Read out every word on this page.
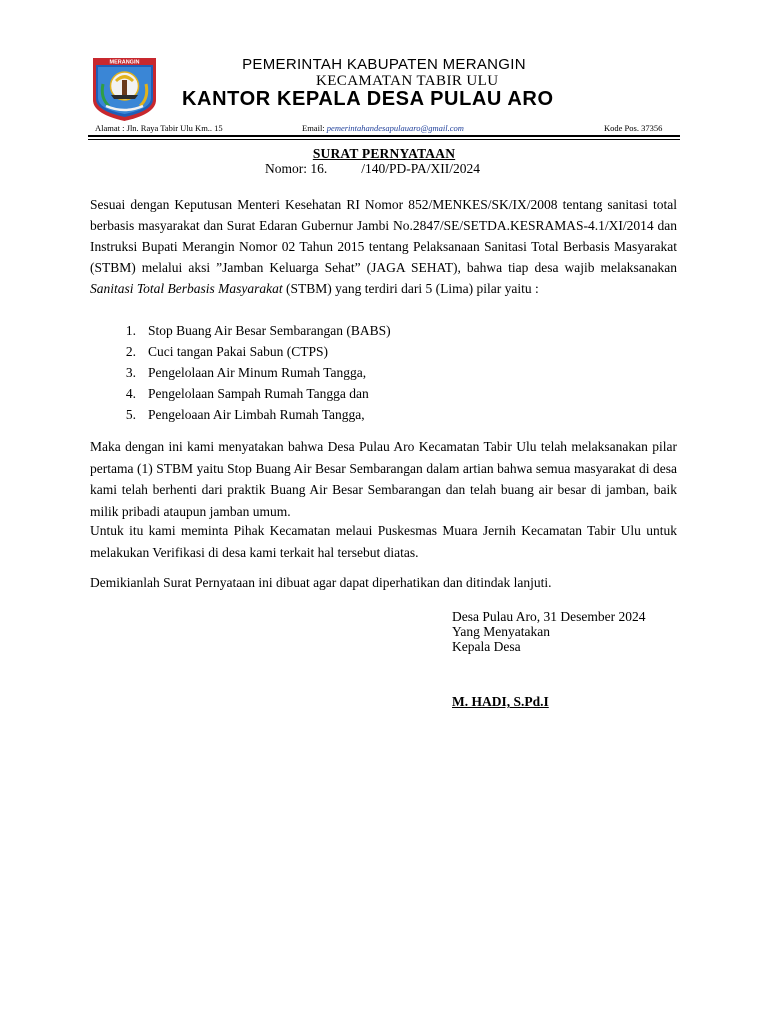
MERANGIN	PEMERINTAH KABUPATEN MERANGIN
KECAMATAN TABIR ULU
KANTOR KEPALA DESA PULAU ARO
Alamat : Jln. Raya Tabir Ulu Km.. 15	Email: pemerintahandesapulauaro@gmail.com	Kode Pos. 37356
SURAT PERNYATAAN
Nomor: 16.	/140/PD-PA/XII/2024

Sesuai dengan Keputusan Menteri Kesehatan RI Nomor 852/MENKES/SK/IX/2008 tentang sanitasi total berbasis masyarakat dan Surat Edaran Gubernur Jambi No.2847/SE/SETDA.KESRAMAS-4.1/XI/2014 dan Instruksi Bupati Merangin Nomor 02 Tahun 2015 tentang Pelaksanaan Sanitasi Total Berbasis Masyarakat (STBM) melalui aksi ”Jamban Keluarga Sehat” (JAGA SEHAT), bahwa tiap desa wajib melaksanakan Sanitasi Total Berbasis Masyarakat (STBM) yang terdiri dari 5 (Lima) pilar yaitu :

1. Stop Buang Air Besar Sembarangan (BABS)
2. Cuci tangan Pakai Sabun (CTPS)
3. Pengelolaan Air Minum Rumah Tangga,
4. Pengelolaan Sampah Rumah Tangga dan
5. Pengeloaan Air Limbah Rumah Tangga,

Maka dengan ini kami menyatakan bahwa Desa Pulau Aro Kecamatan Tabir Ulu telah melaksanakan pilar pertama (1) STBM yaitu Stop Buang Air Besar Sembarangan dalam artian bahwa semua masyarakat di desa kami telah berhenti dari praktik Buang Air Besar Sembarangan dan telah buang air besar di jamban, baik milik pribadi ataupun jamban umum.

Untuk itu kami meminta Pihak Kecamatan melaui Puskesmas Muara Jernih Kecamatan Tabir Ulu untuk melakukan Verifikasi di desa kami terkait hal tersebut diatas.

Demikianlah Surat Pernyataan ini dibuat agar dapat diperhatikan dan ditindak lanjuti.

Desa Pulau Aro, 31 Desember 2024
Yang Menyatakan
Kepala Desa
M. HADI, S.Pd.I
